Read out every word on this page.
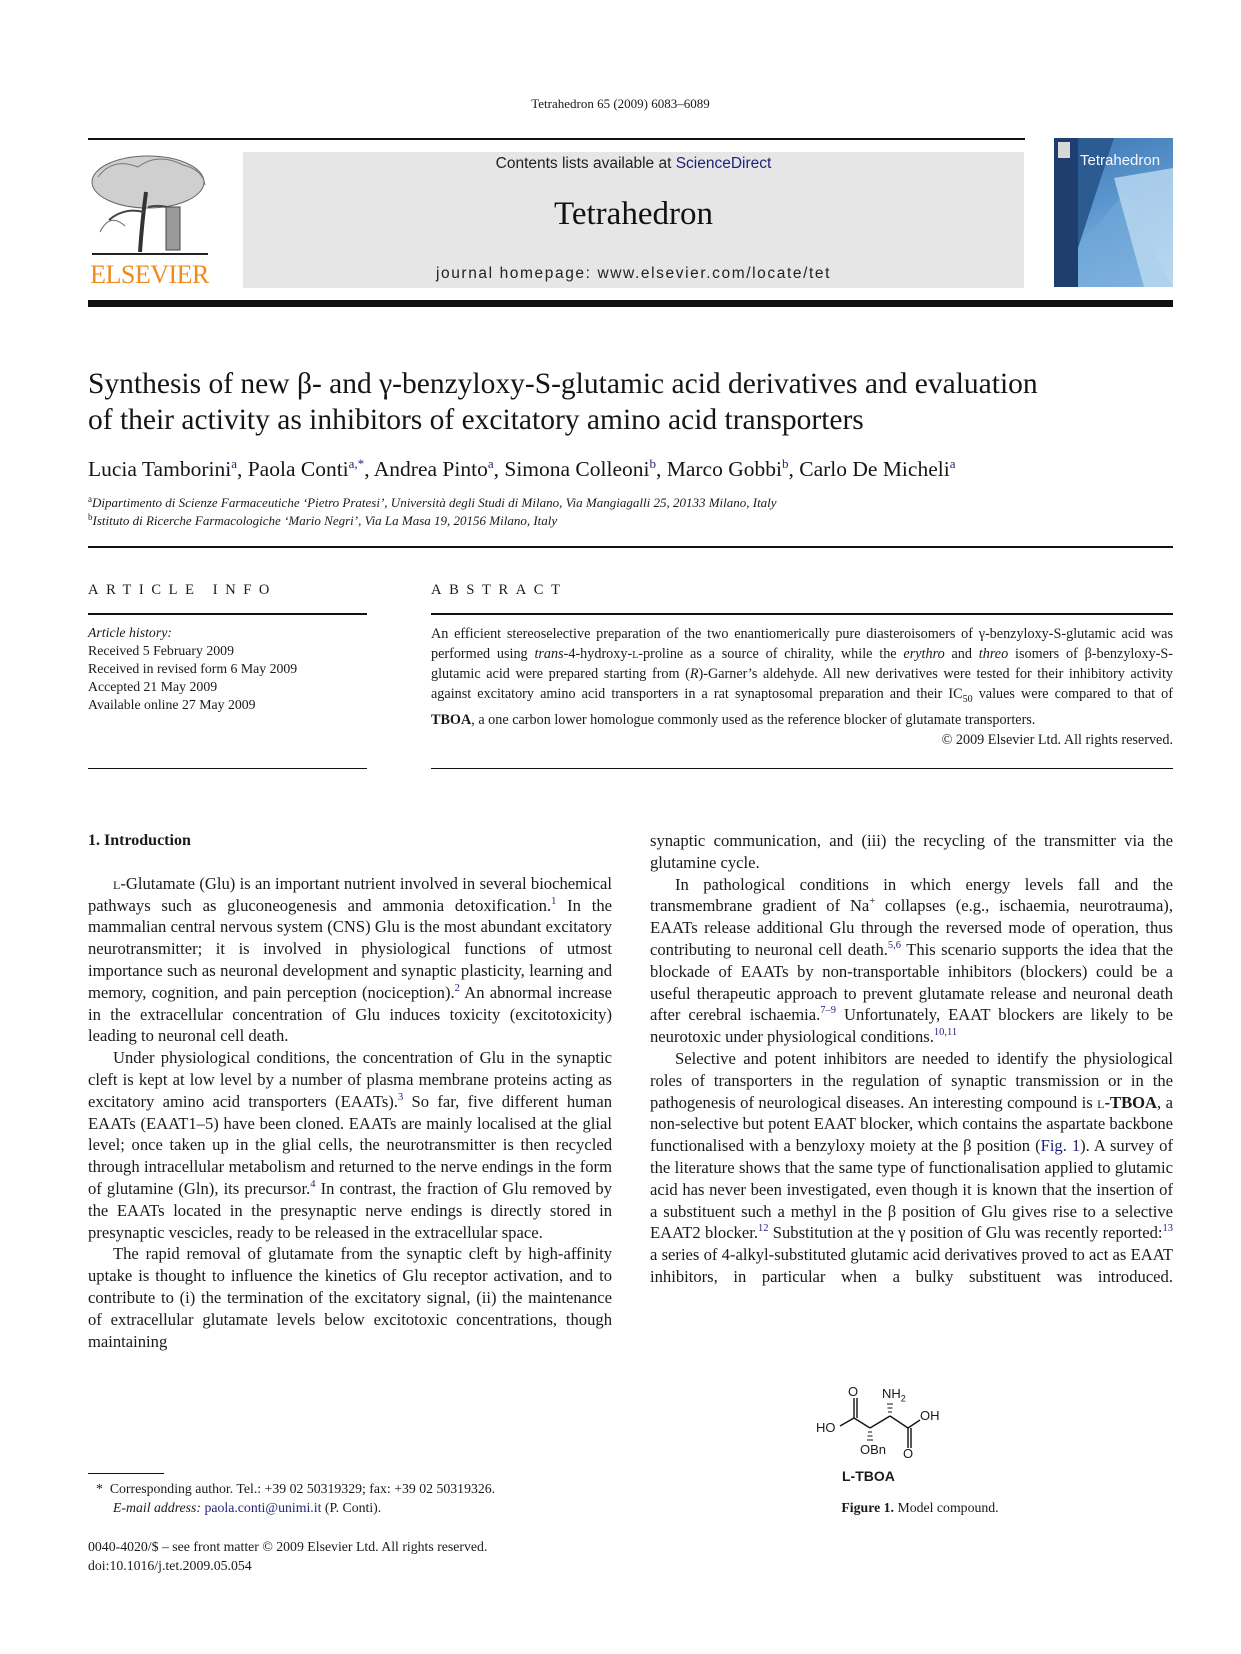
Tetrahedron 65 (2009) 6083–6089
ELSEVIER
Contents lists available at ScienceDirect
Tetrahedron
journal homepage: www.elsevier.com/locate/tet
Tetrahedron
Synthesis of new β- and γ-benzyloxy-S-glutamic acid derivatives and evaluation
of their activity as inhibitors of excitatory amino acid transporters
Lucia Tamborini$^a$, Paola Conti$^{a,*}$, Andrea Pinto$^a$, Simona Colleoni$^b$, Marco Gobbi$^b$, Carlo De Micheli$^a$
$^a$Dipartimento di Scienze Farmaceutiche ‘Pietro Pratesi’, Università degli Studi di Milano, Via Mangiagalli 25, 20133 Milano, Italy
$^b$Istituto di Ricerche Farmacologiche ‘Mario Negri’, Via La Masa 19, 20156 Milano, Italy
ARTICLE INFO	ABSTRACT
Article history:
Received 5 February 2009
Received in revised form 6 May 2009
Accepted 21 May 2009
Available online 27 May 2009
An efficient stereoselective preparation of the two enantiomerically pure diasteroisomers of γ-benzyloxy-S-glutamic acid was performed using trans-4-hydroxy-l-proline as a source of chirality, while the erythro and threo isomers of β-benzyloxy-S-glutamic acid were prepared starting from (R)-Garner’s aldehyde. All new derivatives were tested for their inhibitory activity against excitatory amino acid transporters in a rat synaptosomal preparation and their $IC_{50}$ values were compared to that of TBOA, a one carbon lower homologue commonly used as the reference blocker of glutamate transporters.
© 2009 Elsevier Ltd. All rights reserved.

1. Introduction

l-Glutamate (Glu) is an important nutrient involved in several biochemical pathways such as gluconeogenesis and ammonia detoxification.$^1$ In the mammalian central nervous system (CNS) Glu is the most abundant excitatory neurotransmitter; it is involved in physiological functions of utmost importance such as neuronal development and synaptic plasticity, learning and memory, cognition, and pain perception (nociception).$^2$ An abnormal increase in the extracellular concentration of Glu induces toxicity (excitotoxicity) leading to neuronal cell death.

Under physiological conditions, the concentration of Glu in the synaptic cleft is kept at low level by a number of plasma membrane proteins acting as excitatory amino acid transporters (EAATs).$^3$ So far, five different human EAATs (EAAT1–5) have been cloned. EAATs are mainly localised at the glial level; once taken up in the glial cells, the neurotransmitter is then recycled through intracellular metabolism and returned to the nerve endings in the form of glutamine (Gln), its precursor.$^4$ In contrast, the fraction of Glu removed by the EAATs located in the presynaptic nerve endings is directly stored in presynaptic vescicles, ready to be released in the extracellular space.

The rapid removal of glutamate from the synaptic cleft by high-affinity uptake is thought to influence the kinetics of Glu receptor activation, and to contribute to (i) the termination of the excitatory signal, (ii) the maintenance of extracellular glutamate levels below excitotoxic concentrations, though maintaining

synaptic communication, and (iii) the recycling of the transmitter via the glutamine cycle.

In pathological conditions in which energy levels fall and the transmembrane gradient of Na+ collapses (e.g., ischaemia, neurotrauma), EAATs release additional Glu through the reversed mode of operation, thus contributing to neuronal cell death.$^{5,6}$ This scenario supports the idea that the blockade of EAATs by non-transportable inhibitors (blockers) could be a useful therapeutic approach to prevent glutamate release and neuronal death after cerebral ischaemia.$^{7-9}$ Unfortunately, EAAT blockers are likely to be neurotoxic under physiological conditions.$^{10,11}$

Selective and potent inhibitors are needed to identify the physiological roles of transporters in the regulation of synaptic transmission or in the pathogenesis of neurological diseases. An interesting compound is l-TBOA, a non-selective but potent EAAT blocker, which contains the aspartate backbone functionalised with a benzyloxy moiety at the β position (Fig. 1). A survey of the literature shows that the same type of functionalisation applied to glutamic acid has never been investigated, even though it is known that the insertion of a substituent such a methyl in the β position of Glu gives rise to a selective EAAT2 blocker.$^{12}$ Substitution at the γ position of Glu was recently reported:$^{13}$ a series of 4-alkyl-substituted glutamic acid derivatives proved to act as EAAT inhibitors, in particular when a bulky substituent was introduced.

O $NH_2$
HO
OH
OBn O
L-TBOA
Figure 1. Model compound.
* Corresponding author. Tel.: +39 02 50319329; fax: +39 02 50319326.
E-mail address: paola.conti@unimi.it (P. Conti).
0040-4020/$ – see front matter © 2009 Elsevier Ltd. All rights reserved.
doi:10.1016/j.tet.2009.05.054
